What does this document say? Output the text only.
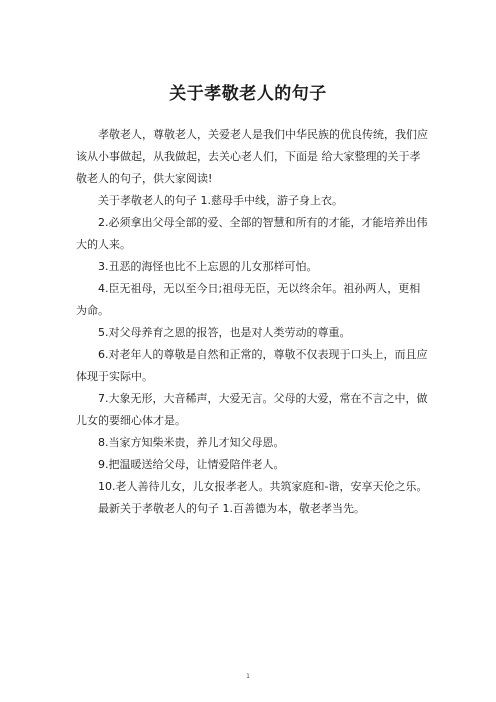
关于孝敬老人的句子

孝敬老人，尊敬老人，关爱老人是我们中华民族的优良传统，我们应该从小事做起，从我做起，去关心老人们，下面是 给大家整理的关于孝敬老人的句子，供大家阅读!

关于孝敬老人的句子 1.慈母手中线，游子身上衣。

2.必须拿出父母全部的爱、全部的智慧和所有的才能，才能培养出伟大的人来。

3.丑恶的海怪也比不上忘恩的儿女那样可怕。

4.臣无祖母，无以至今日;祖母无臣，无以终余年。祖孙两人，更相为命。

5.对父母养育之恩的报答，也是对人类劳动的尊重。

6.对老年人的尊敬是自然和正常的，尊敬不仅表现于口头上，而且应体现于实际中。

7.大象无形，大音稀声，大爱无言。父母的大爱，常在不言之中，做儿女的要细心体才是。

8.当家方知柴米贵，养儿才知父母恩。

9.把温暖送给父母，让情爱陪伴老人。

10.老人善待儿女，儿女报孝老人。共筑家庭和-谐，安享天伦之乐。

最新关于孝敬老人的句子 1.百善德为本，敬老孝当先。

1
